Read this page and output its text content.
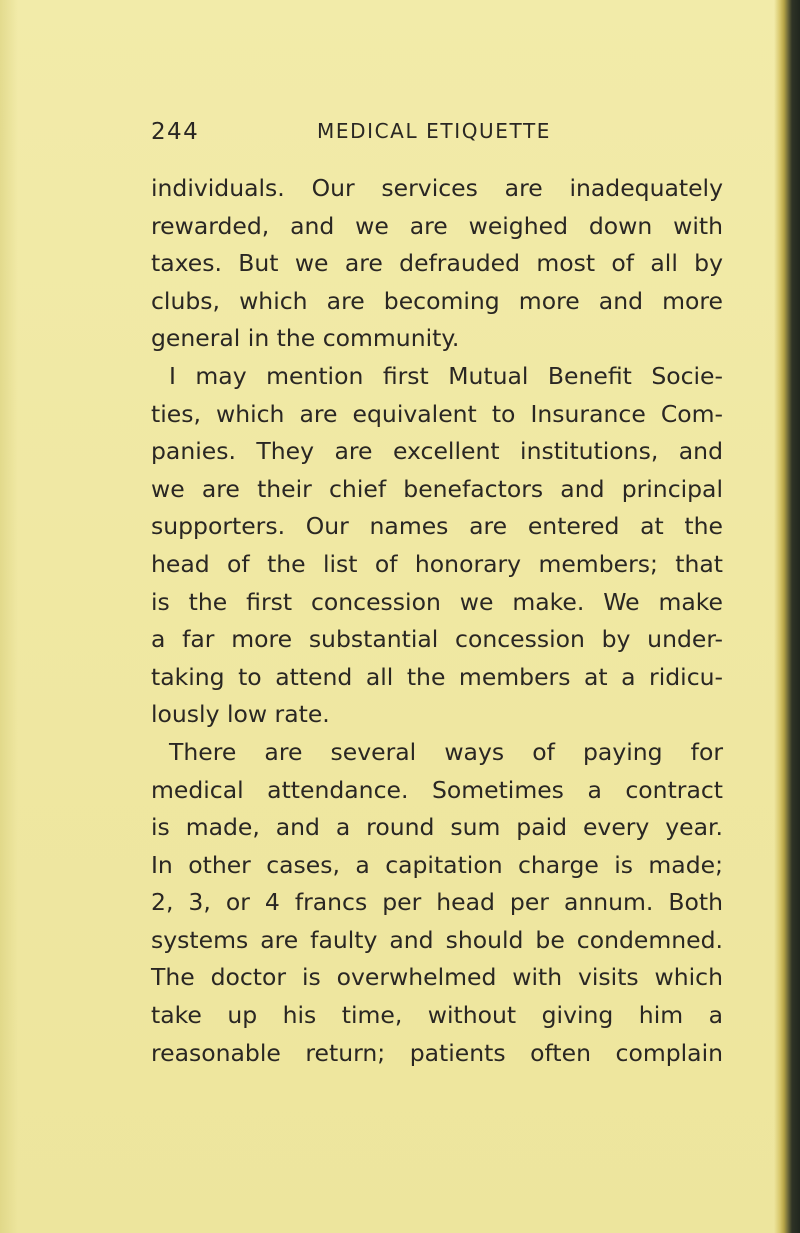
244	MEDICAL ETIQUETTE
individuals. Our services are inadequately
rewarded, and we are weighed down with
taxes. But we are defrauded most of all by
clubs, which are becoming more and more
general in the community.
I may mention first Mutual Benefit Socie-
ties, which are equivalent to Insurance Com-
panies. They are excellent institutions, and
we are their chief benefactors and principal
supporters. Our names are entered at the
head of the list of honorary members; that
is the first concession we make. We make
a far more substantial concession by under-
taking to attend all the members at a ridicu-
lously low rate.
There are several ways of paying for
medical attendance. Sometimes a contract
is made, and a round sum paid every year.
In other cases, a capitation charge is made;
2, 3, or 4 francs per head per annum. Both
systems are faulty and should be condemned.
The doctor is overwhelmed with visits which
take up his time, without giving him a
reasonable return; patients often complain
